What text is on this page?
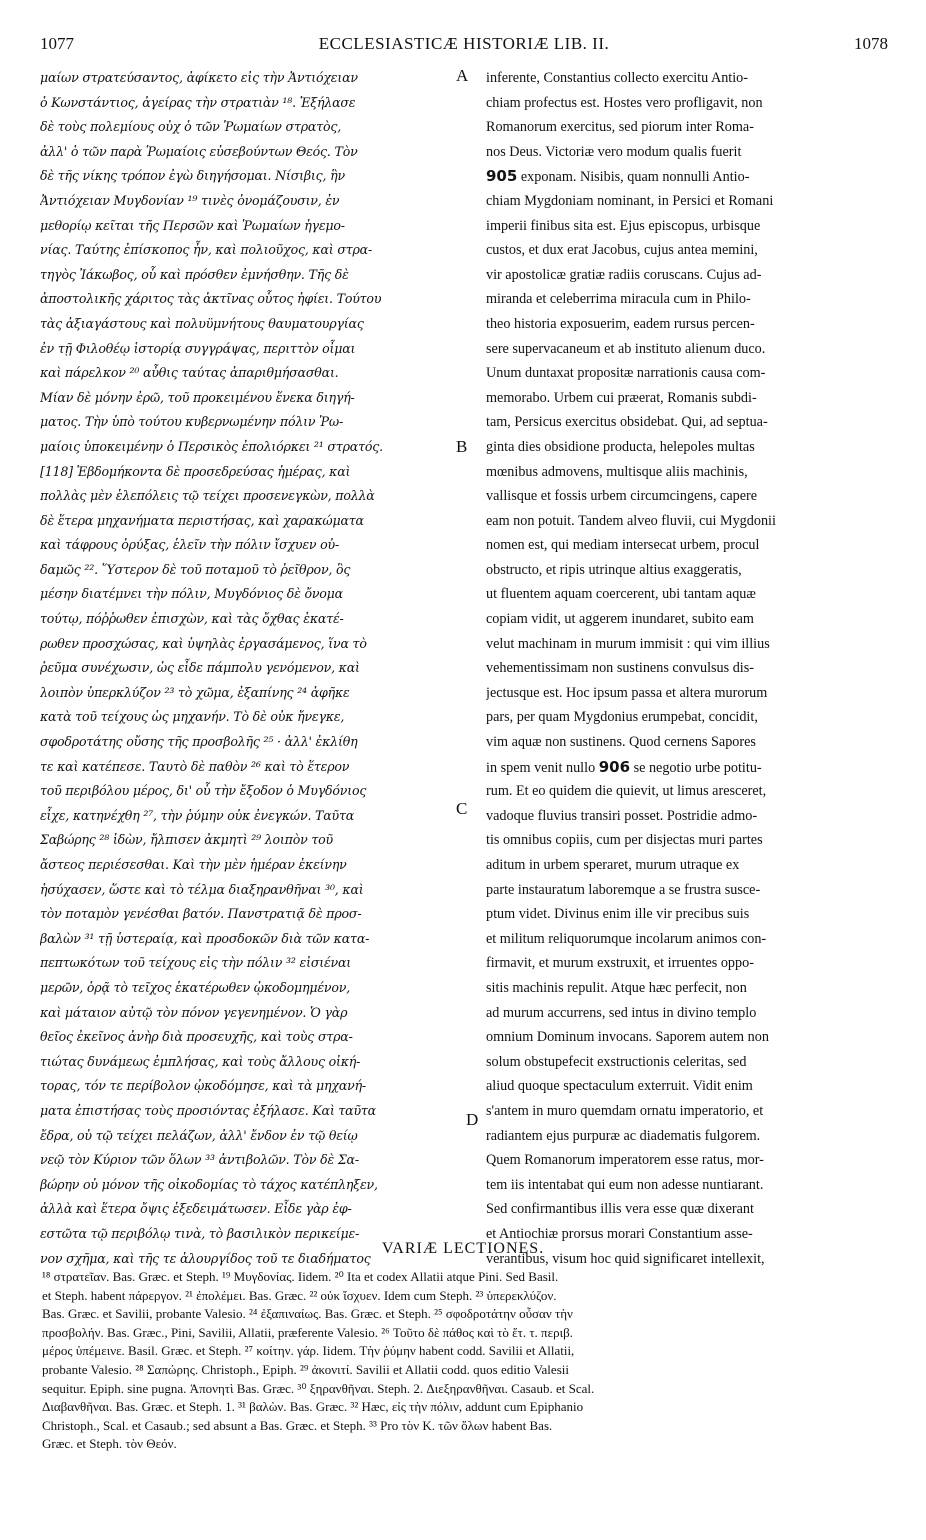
1077	ECCLESIASTICÆ HISTORIÆ LIB. II.	1078
μαίων στρατεύσαντος, ἀφίκετο εἰς τὴν Ἀντιόχειαν
ὁ Κωνστάντιος, ἀγείρας τὴν στρατιὰν ¹⁸. Ἐξήλασε
δὲ τοὺς πολεμίους οὐχ ὁ τῶν Ῥωμαίων στρατὸς,
ἀλλ' ὁ τῶν παρὰ Ῥωμαίοις εὐσεβούντων Θεός. Τὸν
δὲ τῆς νίκης τρόπον ἐγὼ διηγήσομαι. Νίσιβις, ἣν
Ἀντιόχειαν Μυγδονίαν ¹⁹ τινὲς ὀνομάζουσιν, ἐν
μεθορίῳ κεῖται τῆς Περσῶν καὶ Ῥωμαίων ἡγεμο-
νίας. Ταύτης ἐπίσκοπος ἦν, καὶ πολιοῦχος, καὶ στρα-
τηγὸς Ἰάκωβος, οὗ καὶ πρόσθεν ἐμνήσθην. Τῆς δὲ
ἀποστολικῆς χάριτος τὰς ἀκτῖνας οὗτος ἠφίει. Τούτου
τὰς ἀξιαγάστους καὶ πολυϋμνήτους θαυματουργίας
ἐν τῇ Φιλοθέῳ ἱστορίᾳ συγγράψας, περιττὸν οἶμαι
καὶ πάρελκον ²⁰ αὖθις ταύτας ἀπαριθμήσασθαι.
Μίαν δὲ μόνην ἐρῶ, τοῦ προκειμένου ἕνεκα διηγή-
ματος. Τὴν ὑπὸ τούτου κυβερνωμένην πόλιν Ῥω-
μαίοις ὑποκειμένην ὁ Περσικὸς ἐπολιόρκει ²¹ στρατός.
[118] Ἑβδομήκοντα δὲ προσεδρεύσας ἡμέρας, καὶ
πολλὰς μὲν ἑλεπόλεις τῷ τείχει προσενεγκὼν, πολλὰ
δὲ ἕτερα μηχανήματα περιστήσας, καὶ χαρακώματα
καὶ τάφρους ὀρύξας, ἑλεῖν τὴν πόλιν ἴσχυεν οὐ-
δαμῶς ²². Ὕστερον δὲ τοῦ ποταμοῦ τὸ ῥεῖθρον, ὃς
μέσην διατέμνει τὴν πόλιν, Μυγδόνιος δὲ ὄνομα
τούτῳ, πόῤῥωθεν ἐπισχὼν, καὶ τὰς ὄχθας ἑκατέ-
ρωθεν προσχώσας, καὶ ὑψηλὰς ἐργασάμενος, ἵνα τὸ
ῥεῦμα συνέχωσιν, ὡς εἶδε πάμπολυ γενόμενον, καὶ
λοιπὸν ὑπερκλύζον ²³ τὸ χῶμα, ἐξαπίνης ²⁴ ἀφῆκε
κατὰ τοῦ τείχους ὡς μηχανήν. Τὸ δὲ οὐκ ἤνεγκε,
σφοδροτάτης οὔσης τῆς προσβολῆς ²⁵ · ἀλλ' ἐκλίθη
τε καὶ κατέπεσε. Ταυτὸ δὲ παθὸν ²⁶ καὶ τὸ ἕτερον
τοῦ περιβόλου μέρος, δι' οὗ τὴν ἔξοδον ὁ Μυγδόνιος
εἶχε, κατηνέχθη ²⁷, τὴν ῥύμην οὐκ ἐνεγκών. Ταῦτα
Σαβώρης ²⁸ ἰδὼν, ἤλπισεν ἀκμητὶ ²⁹ λοιπὸν τοῦ
ἄστεος περιέσεσθαι. Καὶ τὴν μὲν ἡμέραν ἐκείνην
ἡσύχασεν, ὥστε καὶ τὸ τέλμα διαξηρανθῆναι ³⁰, καὶ
τὸν ποταμὸν γενέσθαι βατόν. Πανστρατιᾷ δὲ προσ-
βαλὼν ³¹ τῇ ὑστεραίᾳ, καὶ προσδοκῶν διὰ τῶν κατα-
πεπτωκότων τοῦ τείχους εἰς τὴν πόλιν ³² εἰσιέναι
μερῶν, ὁρᾷ τὸ τεῖχος ἑκατέρωθεν ᾠκοδομημένον,
καὶ μάταιον αὐτῷ τὸν πόνον γεγενημένον. Ὁ γὰρ
θεῖος ἐκεῖνος ἀνὴρ διὰ προσευχῆς, καὶ τοὺς στρα-
τιώτας δυνάμεως ἐμπλήσας, καὶ τοὺς ἄλλους οἰκή-
τορας, τόν τε περίβολον ᾠκοδόμησε, καὶ τὰ μηχανή-
ματα ἐπιστήσας τοὺς προσιόντας ἐξήλασε. Καὶ ταῦτα
ἔδρα, οὐ τῷ τείχει πελάζων, ἀλλ' ἔνδον ἐν τῷ θείῳ
νεῷ τὸν Κύριον τῶν ὅλων ³³ ἀντιβολῶν. Τὸν δὲ Σα-
βώρην οὐ μόνον τῆς οἰκοδομίας τὸ τάχος κατέπληξεν,
ἀλλὰ καὶ ἕτερα ὄψις ἐξεδειμάτωσεν. Εἶδε γὰρ ἐφ-
εστῶτα τῷ περιβόλῳ τινὰ, τὸ βασιλικὸν περικείμε-
νον σχῆμα, καὶ τῆς τε ἁλουργίδος τοῦ τε διαδήματος
inferente, Constantius collecto exercitu Antio-
chiam profectus est. Hostes vero profligavit, non
Romanorum exercitus, sed piorum inter Roma-
nos Deus. Victoriæ vero modum qualis fuerit
905 exponam. Nisibis, quam nonnulli Antio-
chiam Mygdoniam nominant, in Persici et Romani
imperii finibus sita est. Ejus episcopus, urbisque
custos, et dux erat Jacobus, cujus antea memini,
vir apostolicæ gratiæ radiis coruscans. Cujus ad-
miranda et celeberrima miracula cum in Philo-
theo historia exposuerim, eadem rursus percen-
sere supervacaneum et ab instituto alienum duco.
Unum duntaxat propositæ narrationis causa com-
memorabo. Urbem cui præerat, Romanis subdi-
tam, Persicus exercitus obsidebat. Qui, ad septua-
ginta dies obsidione producta, helepoles multas
mœnibus admovens, multisque aliis machinis,
vallisque et fossis urbem circumcingens, capere
eam non potuit. Tandem alveo fluvii, cui Mygdonii
nomen est, qui mediam intersecat urbem, procul
obstructo, et ripis utrinque altius exaggeratis,
ut fluentem aquam coercerent, ubi tantam aquæ
copiam vidit, ut aggerem inundaret, subito eam
velut machinam in murum immisit : qui vim illius
vehementissimam non sustinens convulsus dis-
jectusque est. Hoc ipsum passa et altera murorum
pars, per quam Mygdonius erumpebat, concidit,
vim aquæ non sustinens. Quod cernens Sapores
in spem venit nullo 906 se negotio urbe potitu-
rum. Et eo quidem die quievit, ut limus aresceret,
vadoque fluvius transiri posset. Postridie admo-
tis omnibus copiis, cum per disjectas muri partes
aditum in urbem speraret, murum utraque ex
parte instauratum laboremque a se frustra susce-
ptum videt. Divinus enim ille vir precibus suis
et militum reliquorumque incolarum animos con-
firmavit, et murum exstruxit, et irruentes oppo-
sitis machinis repulit. Atque hæc perfecit, non
ad murum accurrens, sed intus in divino templo
omnium Dominum invocans. Saporem autem non
solum obstupefecit exstructionis celeritas, sed
aliud quoque spectaculum exterruit. Vidit enim
s'antem in muro quemdam ornatu imperatorio, et
radiantem ejus purpuræ ac diadematis fulgorem.
Quem Romanorum imperatorem esse ratus, mor-
tem iis intentabat qui eum non adesse nuntiarant.
Sed confirmantibus illis vera esse quæ dixerant
et Antiochiæ prorsus morari Constantium asse-
verantibus, visum hoc quid significaret intellexit,
A
B
C
D
VARIÆ LECTIONES.
¹⁸ στρατεῖαν. Bas. Græc. et Steph. ¹⁹ Μυγδονίας. Iidem. ²⁰ Ita et codex Allatii atque Pini. Sed Basil.
et Steph. habent πάρεργον. ²¹ ἐπολέμει. Bas. Græc. ²² οὐκ ἴσχυεν. Idem cum Steph. ²³ ὑπερεκλύζον.
Bas. Græc. et Savilii, probante Valesio. ²⁴ ἐξαπιναίως. Bas. Græc. et Steph. ²⁵ σφοδροτάτην οὖσαν τὴν
προσβολήν. Bas. Græc., Pini, Savilii, Allatii, præferente Valesio. ²⁶ Τοῦτο δὲ πάθος καὶ τὸ ἕτ. τ. περιβ.
μέρος ὑπέμεινε. Basil. Græc. et Steph. ²⁷ κοίτην. γάρ. Iidem. Τὴν ῥύμην habent codd. Savilii et Allatii,
probante Valesio. ²⁸ Σαπώρης. Christoph., Epiph. ²⁹ ἀκονιτί. Savilii et Allatii codd. quos editio Valesii
sequitur. Epiph. sine pugna. Ἀπονητὶ Bas. Græc. ³⁰ ξηρανθῆναι. Steph. 2. Διεξηρανθῆναι. Casaub. et Scal.
Διαβανθῆναι. Bas. Græc. et Steph. 1. ³¹ βαλὼν. Bas. Græc. ³² Hæc, εἰς τὴν πόλιν, addunt cum Epiphanio
Christoph., Scal. et Casaub.; sed absunt a Bas. Græc. et Steph. ³³ Pro τὸν Κ. τῶν ὅλων habent Bas.
Græc. et Steph. τὸν Θεόν.
